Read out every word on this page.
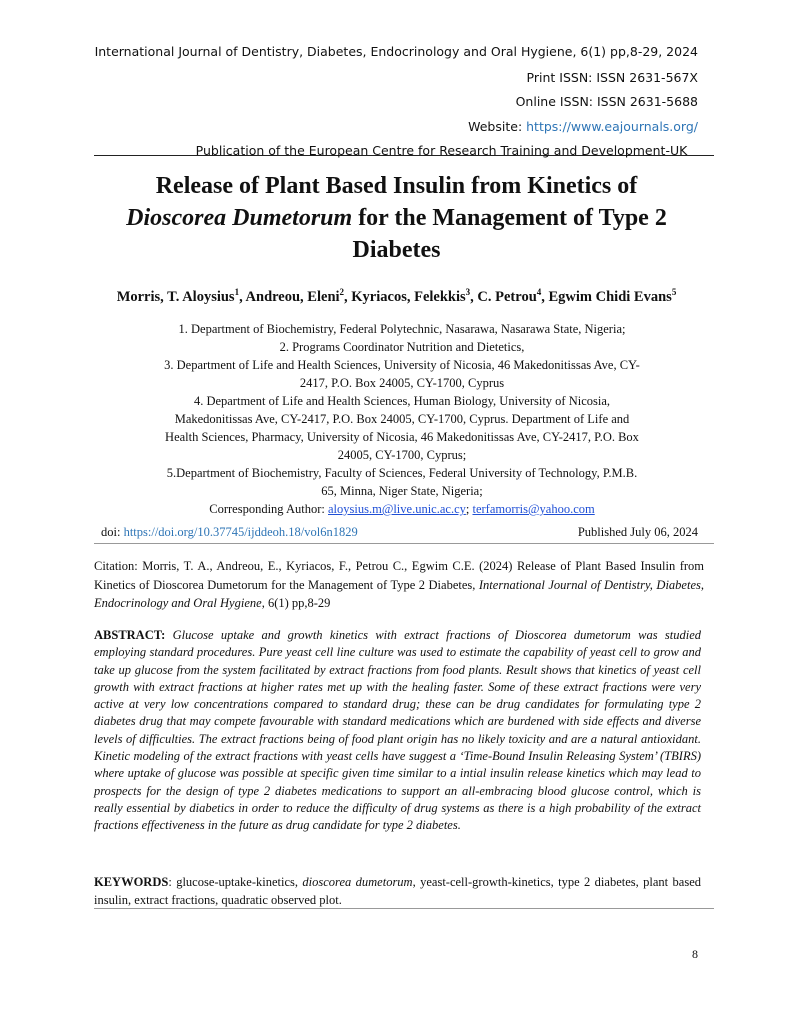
International Journal of Dentistry, Diabetes, Endocrinology and Oral Hygiene, 6(1) pp,8-29, 2024
Print ISSN: ISSN 2631-567X
Online ISSN: ISSN 2631-5688
Website: https://www.eajournals.org/
Publication of the European Centre for Research Training and Development-UK
Release of Plant Based Insulin from Kinetics of
Dioscorea Dumetorum for the Management of Type 2
Diabetes
Morris, T. Aloysius$^1$, Andreou, Eleni$^2$, Kyriacos, Felekkis$^3$, C. Petrou$^4$, Egwim Chidi Evans$^5$
1. Department of Biochemistry, Federal Polytechnic, Nasarawa, Nasarawa State, Nigeria;
2. Programs Coordinator Nutrition and Dietetics,
3. Department of Life and Health Sciences, University of Nicosia, 46 Makedonitissas Ave, CY-
2417, P.O. Box 24005, CY-1700, Cyprus
4. Department of Life and Health Sciences, Human Biology, University of Nicosia,
Makedonitissas Ave, CY-2417, P.O. Box 24005, CY-1700, Cyprus. Department of Life and
Health Sciences, Pharmacy, University of Nicosia, 46 Makedonitissas Ave, CY-2417, P.O. Box
24005, CY-1700, Cyprus;
5.Department of Biochemistry, Faculty of Sciences, Federal University of Technology, P.M.B.
65, Minna, Niger State, Nigeria;
Corresponding Author: aloysius.m@live.unic.ac.cy; terfamorris@yahoo.com
doi: https://doi.org/10.37745/ijddeoh.18/vol6n1829	Published July 06, 2024
Citation: Morris, T. A., Andreou, E., Kyriacos, F., Petrou C., Egwim C.E. (2024) Release of Plant Based Insulin from Kinetics of Dioscorea Dumetorum for the Management of Type 2 Diabetes, International Journal of Dentistry, Diabetes, Endocrinology and Oral Hygiene, 6(1) pp,8-29
ABSTRACT: Glucose uptake and growth kinetics with extract fractions of Dioscorea dumetorum was studied employing standard procedures. Pure yeast cell line culture was used to estimate the capability of yeast cell to grow and take up glucose from the system facilitated by extract fractions from food plants. Result shows that kinetics of yeast cell growth with extract fractions at higher rates met up with the healing faster. Some of these extract fractions were very active at very low concentrations compared to standard drug; these can be drug candidates for formulating type 2 diabetes drug that may compete favourable with standard medications which are burdened with side effects and diverse levels of difficulties. The extract fractions being of food plant origin has no likely toxicity and are a natural antioxidant. Kinetic modeling of the extract fractions with yeast cells have suggest a ‘Time-Bound Insulin Releasing System’ (TBIRS) where uptake of glucose was possible at specific given time similar to a intial insulin release kinetics which may lead to prospects for the design of type 2 diabetes medications to support an all-embracing blood glucose control, which is really essential by diabetics in order to reduce the difficulty of drug systems as there is a high probability of the extract fractions effectiveness in the future as drug candidate for type 2 diabetes.
KEYWORDS: glucose-uptake-kinetics, dioscorea dumetorum, yeast-cell-growth-kinetics, type 2 diabetes, plant based insulin, extract fractions, quadratic observed plot.
8
